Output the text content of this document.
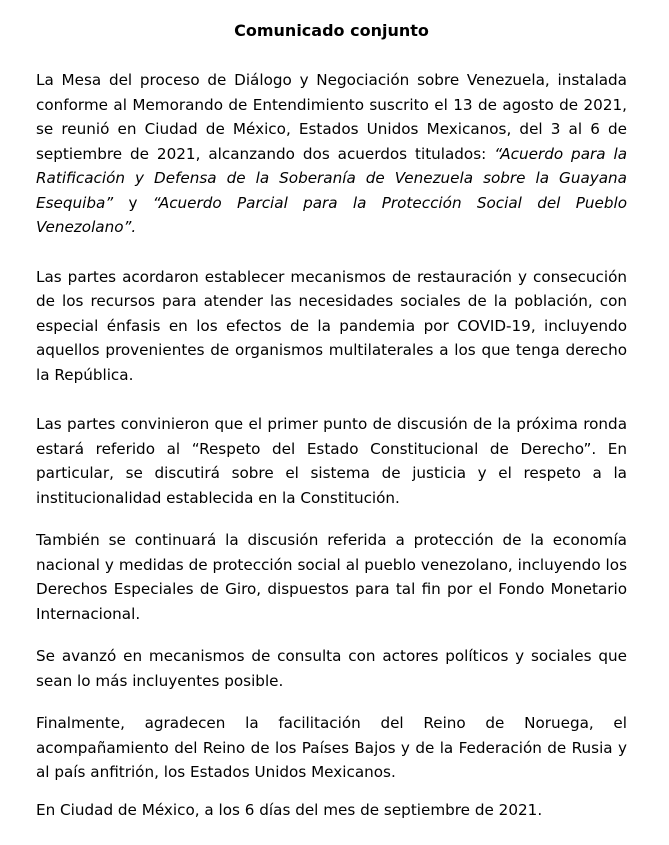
Comunicado conjunto

La Mesa del proceso de Diálogo y Negociación sobre Venezuela, instalada conforme al Memorando de Entendimiento suscrito el 13 de agosto de 2021, se reunió en Ciudad de México, Estados Unidos Mexicanos, del 3 al 6 de septiembre de 2021, alcanzando dos acuerdos titulados: “Acuerdo para la Ratificación y Defensa de la Soberanía de Venezuela sobre la Guayana Esequiba” y “Acuerdo Parcial para la Protección Social del Pueblo Venezolano”.

Las partes acordaron establecer mecanismos de restauración y consecución de los recursos para atender las necesidades sociales de la población, con especial énfasis en los efectos de la pandemia por COVID-19, incluyendo aquellos provenientes de organismos multilaterales a los que tenga derecho la República.

Las partes convinieron que el primer punto de discusión de la próxima ronda estará referido al “Respeto del Estado Constitucional de Derecho”. En particular, se discutirá sobre el sistema de justicia y el respeto a la institucionalidad establecida en la Constitución.

También se continuará la discusión referida a protección de la economía nacional y medidas de protección social al pueblo venezolano, incluyendo los Derechos Especiales de Giro, dispuestos para tal fin por el Fondo Monetario Internacional.

Se avanzó en mecanismos de consulta con actores políticos y sociales que sean lo más incluyentes posible.

Finalmente, agradecen la facilitación del Reino de Noruega, el acompañamiento del Reino de los Países Bajos y de la Federación de Rusia y al país anfitrión, los Estados Unidos Mexicanos.

En Ciudad de México, a los 6 días del mes de septiembre de 2021.
